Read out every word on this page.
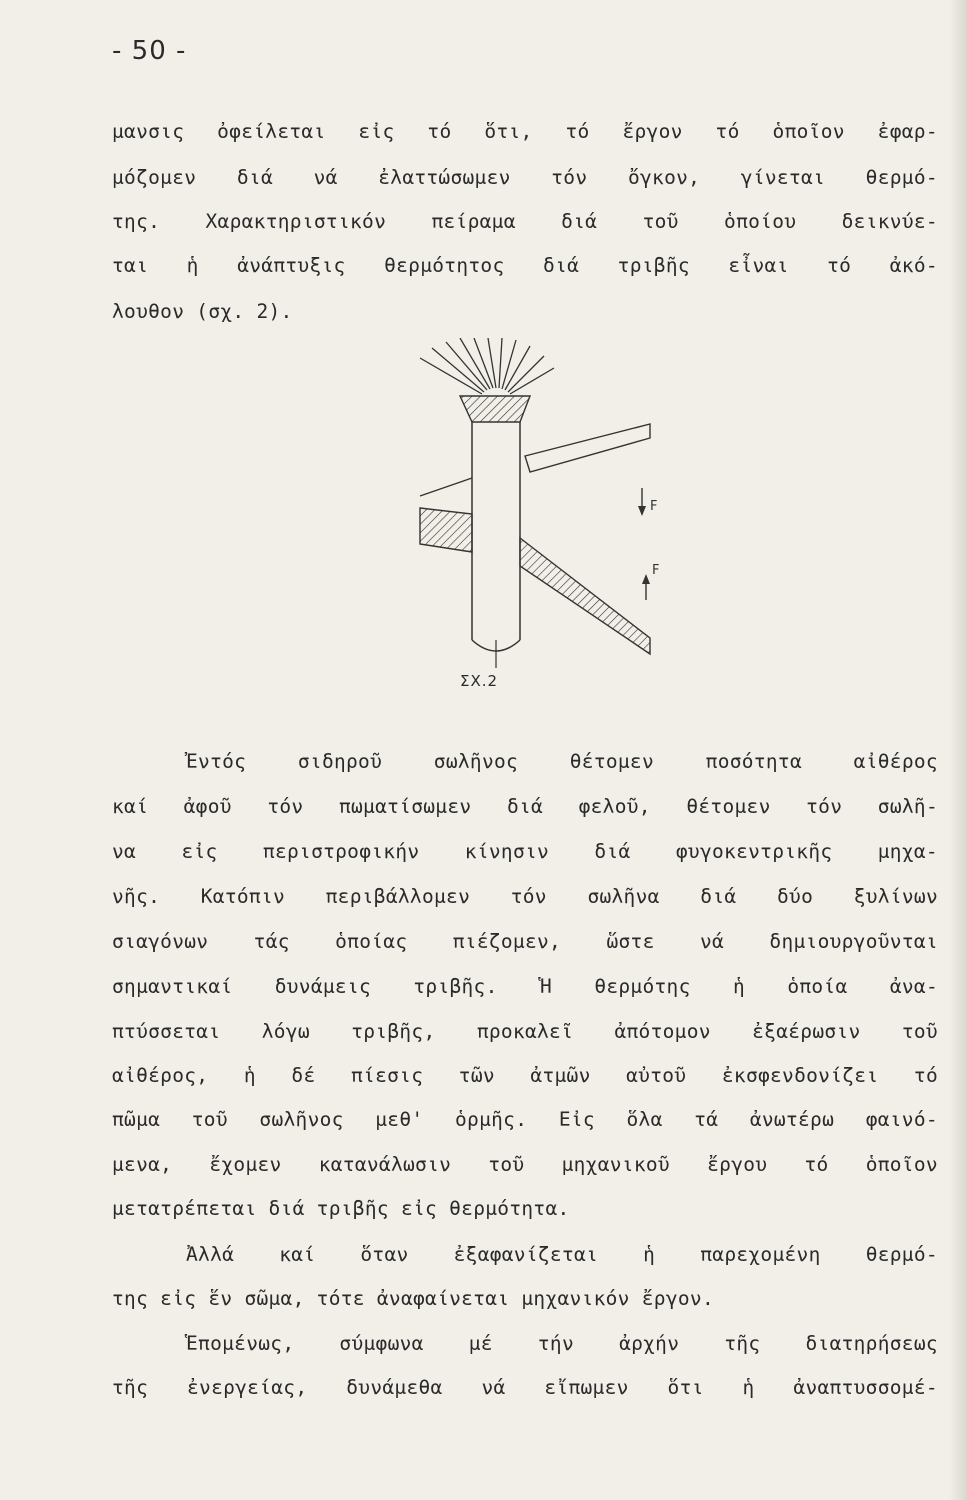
- 50 -
μανσις ὀφείλεται εἰς τό ὅτι, τό ἔργον τό ὁποῖον ἐφαρ-
μόζομεν διά νά ἐλαττώσωμεν τόν ὄγκον, γίνεται θερμό-
της. Χαρακτηριστικόν πείραμα διά τοῦ ὁποίου δεικνύε-
ται ἡ ἀνάπτυξις θερμότητος διά τριβῆς εἶναι τό ἀκό-
λουθον (σχ. 2).
F
F
ΣΧ.2
Ἐντός	σιδηροῦ	σωλῆνος	θέτομεν	ποσότητα	αἰθέρος
καί ἀφοῦ τόν πωματίσωμεν διά φελοῦ, θέτομεν τόν σωλῆ-
να εἰς περιστροφικήν κίνησιν διά φυγοκεντρικῆς μηχα-
νῆς. Κατόπιν περιβάλλομεν τόν σωλῆνα διά δύο ξυλίνων
σιαγόνων τάς ὁποίας πιέζομεν, ὥστε νά δημιουργοῦνται
σημαντικαί δυνάμεις τριβῆς. Ἡ θερμότης ἡ ὁποία ἀνα-
πτύσσεται λόγω τριβῆς, προκαλεῖ ἀπότομον ἐξαέρωσιν τοῦ
αἰθέρος, ἡ δέ πίεσις τῶν ἀτμῶν αὐτοῦ ἐκσφενδονίζει τό
πῶμα τοῦ σωλῆνος μεθ' ὁρμῆς. Εἰς ὅλα τά ἀνωτέρω φαινό-
μενα, ἔχομεν κατανάλωσιν τοῦ μηχανικοῦ ἔργου τό ὁποῖον
μετατρέπεται διά τριβῆς εἰς θερμότητα.
Ἀλλά καί ὅταν ἐξαφανίζεται ἡ παρεχομένη θερμό-
της εἰς ἕν σῶμα, τότε ἀναφαίνεται μηχανικόν ἔργον.
Ἑπομένως, σύμφωνα μέ τήν ἀρχήν τῆς διατηρήσεως
τῆς ἐνεργείας, δυνάμεθα νά εἴπωμεν ὅτι ἡ ἀναπτυσσομέ-
